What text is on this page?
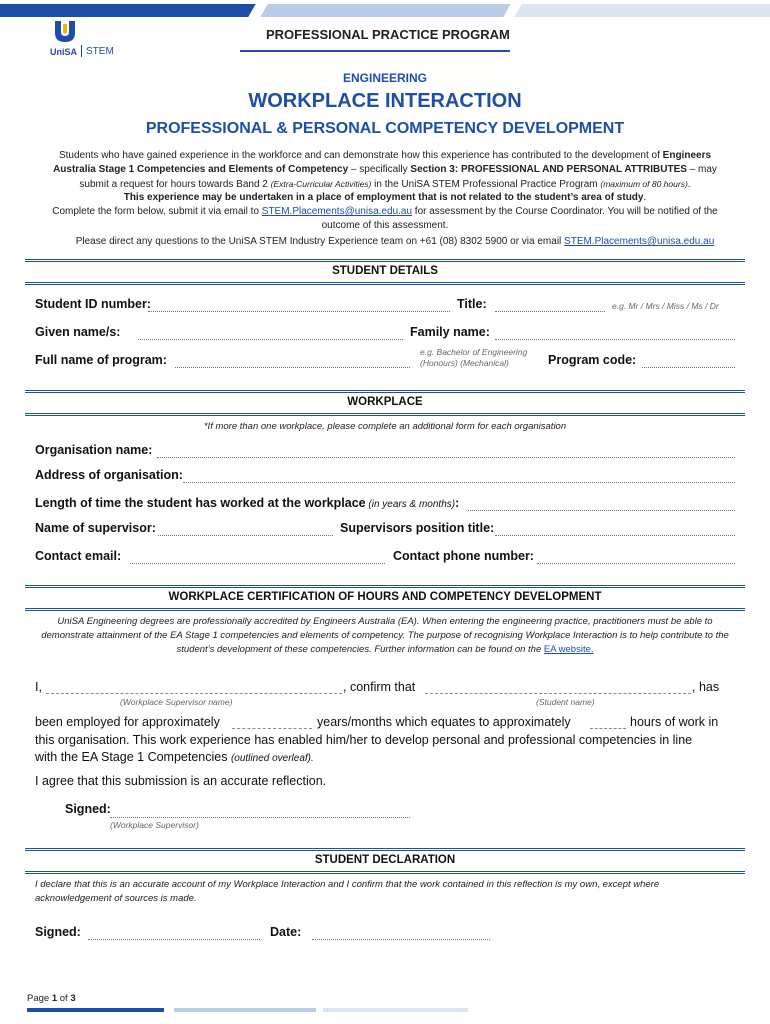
UniSA STEM
PROFESSIONAL PRACTICE PROGRAM
ENGINEERING
WORKPLACE INTERACTION
PROFESSIONAL & PERSONAL COMPETENCY DEVELOPMENT
Students who have gained experience in the workforce and can demonstrate how this experience has contributed to the development of Engineers Australia Stage 1 Competencies and Elements of Competency – specifically Section 3: PROFESSIONAL AND PERSONAL ATTRIBUTES – may submit a request for hours towards Band 2 (Extra-Curricular Activities) in the UniSA STEM Professional Practice Program (maximum of 80 hours).
This experience may be undertaken in a place of employment that is not related to the student’s area of study.
Complete the form below, submit it via email to STEM.Placements@unisa.edu.au for assessment by the Course Coordinator. You will be notified of the outcome of this assessment.
Please direct any questions to the UniSA STEM Industry Experience team on +61 (08) 8302 5900 or via email STEM.Placements@unisa.edu.au
STUDENT DETAILS
Student ID number:	Title:	e.g. Mr / Mrs / Miss / Ms / Dr
Given name/s:	Family name:
Full name of program:
e.g. Bachelor of Engineering
(Honours) (Mechanical)	Program code:
WORKPLACE
*If more than one workplace, please complete an additional form for each organisation
Organisation name:
Address of organisation:
Length of time the student has worked at the workplace (in years & months):
Name of supervisor:	Supervisors position title:
Contact email:	Contact phone number:
WORKPLACE CERTIFICATION OF HOURS AND COMPETENCY DEVELOPMENT
UniSA Engineering degrees are professionally accredited by Engineers Australia (EA). When entering the engineering practice, practitioners must be able to demonstrate attainment of the EA Stage 1 competencies and elements of competency. The purpose of recognising Workplace Interaction is to help contribute to the student’s development of these competencies. Further information can be found on the EA website.
I,	, confirm that	, has
(Workplace Supervisor name)	(Student name)
been employed for approximately	years/months which equates to approximately	hours of work in
this organisation. This work experience has enabled him/her to develop personal and professional competencies in line
with the EA Stage 1 Competencies (outlined overleaf).
I agree that this submission is an accurate reflection.
Signed:
(Workplace Supervisor)
STUDENT DECLARATION
I declare that this is an accurate account of my Workplace Interaction and I confirm that the work contained in this reflection is my own, except where acknowledgement of sources is made.
Signed:	Date:
Page 1 of 3
